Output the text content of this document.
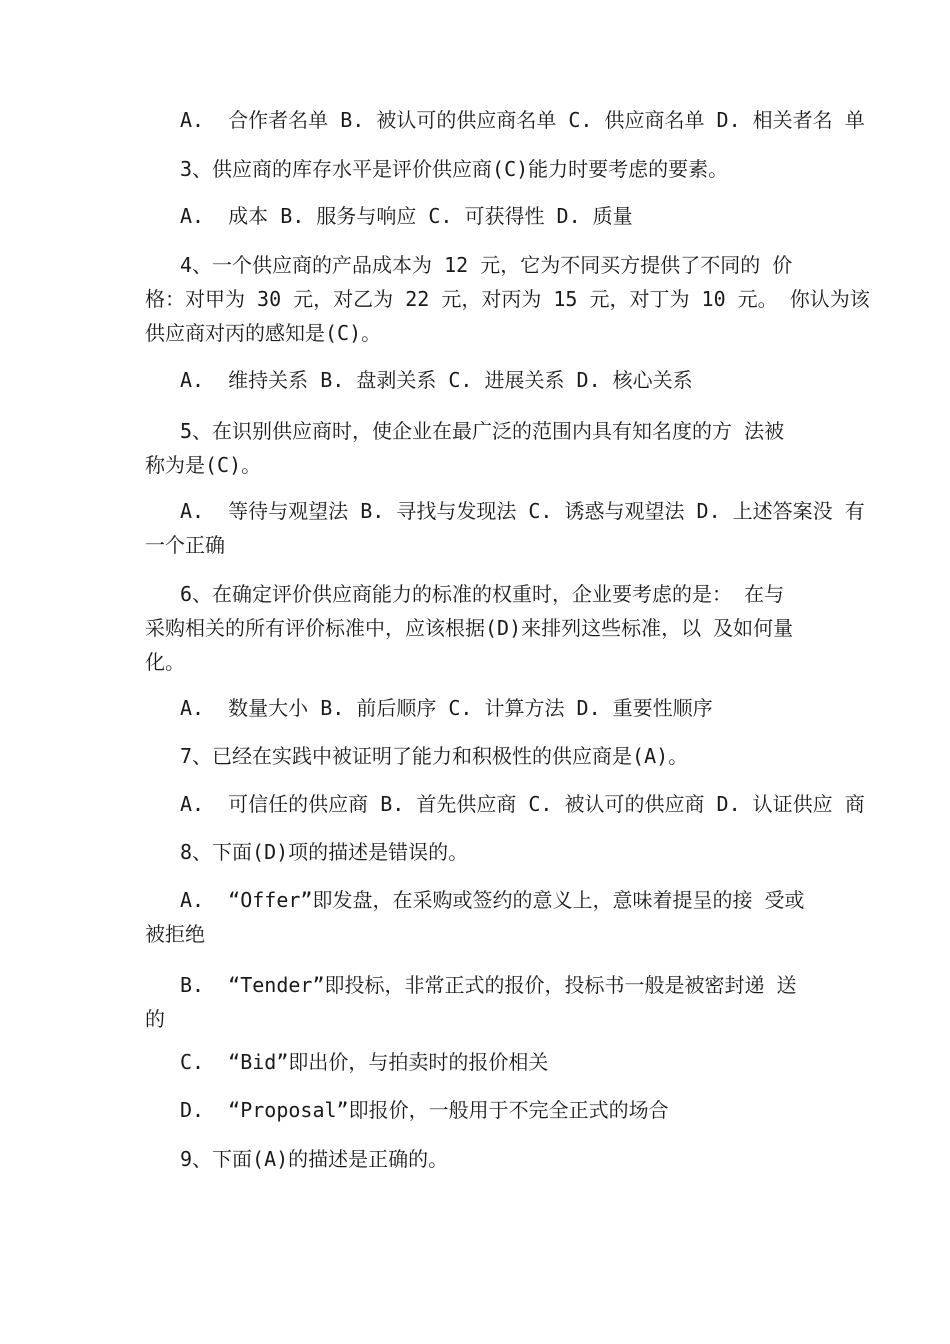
A.  合作者名单 B. 被认可的供应商名单 C. 供应商名单 D. 相关者名 单
3、供应商的库存水平是评价供应商(C)能力时要考虑的要素。
A.  成本 B. 服务与响应 C. 可获得性 D. 质量
4、一个供应商的产品成本为 12 元，它为不同买方提供了不同的 价
格：对甲为 30 元，对乙为 22 元，对丙为 15 元，对丁为 10 元。 你认为该
供应商对丙的感知是(C)。
A.  维持关系 B. 盘剥关系 C. 进展关系 D. 核心关系
5、在识别供应商时，使企业在最广泛的范围内具有知名度的方 法被
称为是(C)。
A.  等待与观望法 B. 寻找与发现法 C. 诱惑与观望法 D. 上述答案没 有
一个正确
6、在确定评价供应商能力的标准的权重时，企业要考虑的是： 在与
采购相关的所有评价标准中，应该根据(D)来排列这些标准，以 及如何量
化。
A.  数量大小 B. 前后顺序 C. 计算方法 D. 重要性顺序
7、已经在实践中被证明了能力和积极性的供应商是(A)。
A.  可信任的供应商 B. 首先供应商 C. 被认可的供应商 D. 认证供应 商
8、下面(D)项的描述是错误的。
A.  “Offer”即发盘，在采购或签约的意义上，意味着提呈的接 受或
被拒绝
B.  “Tender”即投标，非常正式的报价，投标书一般是被密封递 送
的
C.  “Bid”即出价，与拍卖时的报价相关
D.  “Proposal”即报价，一般用于不完全正式的场合
9、下面(A)的描述是正确的。
